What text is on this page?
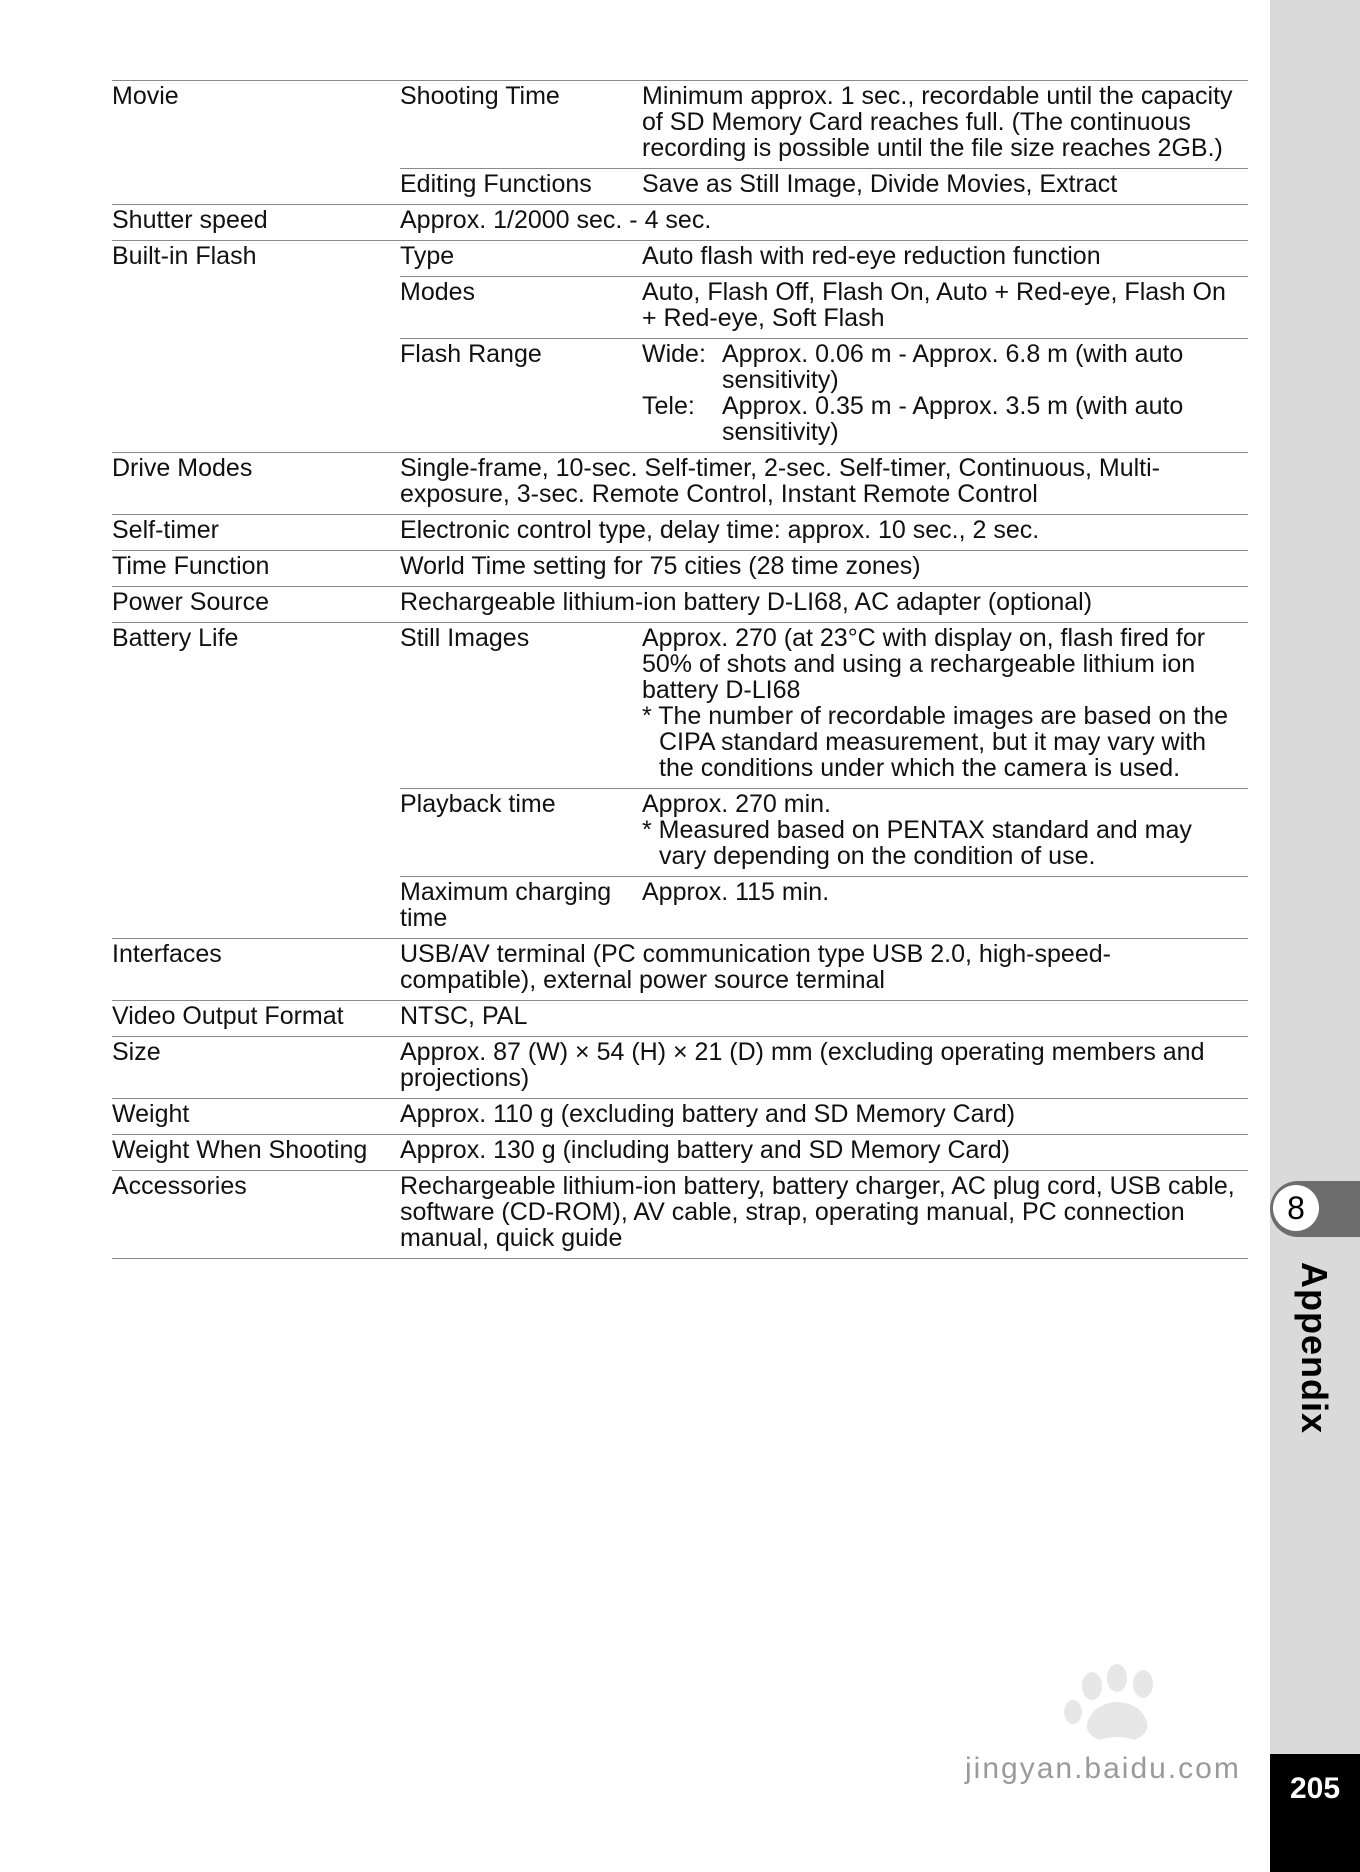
Movie	Shooting Time	Minimum approx. 1 sec., recordable until the capacity of SD Memory Card reaches full. (The continuous recording is possible until the file size reaches 2GB.)
	Editing Functions	Save as Still Image, Divide Movies, Extract
Shutter speed	Approx. 1/2000 sec. - 4 sec.	
Built-in Flash	Type	Auto flash with red-eye reduction function
	Modes	Auto, Flash Off, Flash On, Auto + Red-eye, Flash On + Red-eye, Soft Flash
	Flash Range	Wide: Approx. 0.06 m - Approx. 6.8 m (with auto sensitivity)
Tele: Approx. 0.35 m - Approx. 3.5 m (with auto sensitivity)

Drive Modes	Single-frame, 10-sec. Self-timer, 2-sec. Self-timer, Continuous, Multi-exposure, 3-sec. Remote Control, Instant Remote Control	
Self-timer	Electronic control type, delay time: approx. 10 sec., 2 sec.	
Time Function	World Time setting for 75 cities (28 time zones)	
Power Source	Rechargeable lithium-ion battery D-LI68, AC adapter (optional)	
Battery Life	Still Images	Approx. 270 (at 23°C with display on, flash fired for 50% of shots and using a rechargeable lithium ion battery D-LI68
* The number of recordable images are based on the CIPA standard measurement, but it may vary with the conditions under which the camera is used.

	Playback time	Approx. 270 min.
* Measured based on PENTAX standard and may vary depending on the condition of use.

	Maximum charging time	Approx. 115 min.
Interfaces	USB/AV terminal (PC communication type USB 2.0, high-speed-compatible), external power source terminal	
Video Output Format	NTSC, PAL	
Size	Approx. 87 (W) × 54 (H) × 21 (D) mm (excluding operating members and projections)	
Weight	Approx. 110 g (excluding battery and SD Memory Card)	
Weight When Shooting	Approx. 130 g (including battery and SD Memory Card)	
Accessories	Rechargeable lithium-ion battery, battery charger, AC plug cord, USB cable, software (CD-ROM), AV cable, strap, operating manual, PC connection manual, quick guide	
8
Appendix
jingyan.baidu.com
205
